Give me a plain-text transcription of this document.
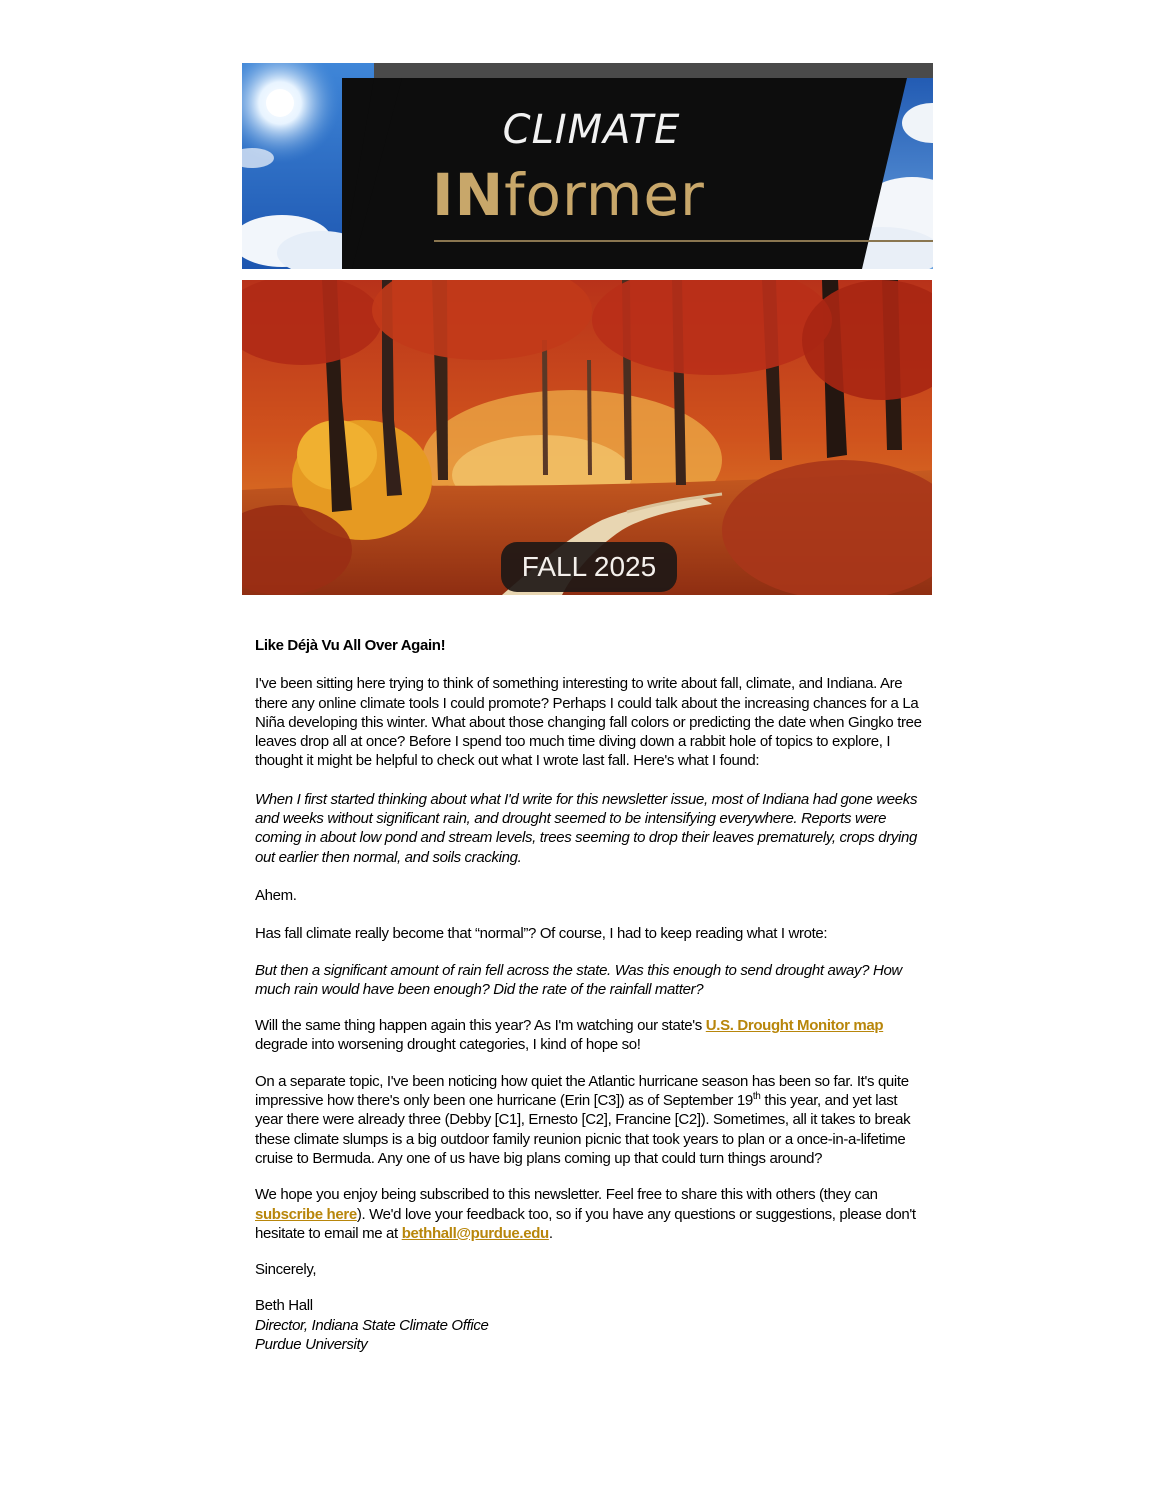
CLIMATE
INformer
FALL 2025

Like Déjà Vu All Over Again!

I've been sitting here trying to think of something interesting to write about fall, climate, and Indiana. Are there any online climate tools I could promote? Perhaps I could talk about the increasing chances for a La Niña developing this winter. What about those changing fall colors or predicting the date when Gingko tree leaves drop all at once? Before I spend too much time diving down a rabbit hole of topics to explore, I thought it might be helpful to check out what I wrote last fall. Here's what I found:

When I first started thinking about what I'd write for this newsletter issue, most of Indiana had gone weeks and weeks without significant rain, and drought seemed to be intensifying everywhere. Reports were coming in about low pond and stream levels, trees seeming to drop their leaves prematurely, crops drying out earlier then normal, and soils cracking.

Ahem.

Has fall climate really become that “normal”? Of course, I had to keep reading what I wrote:

But then a significant amount of rain fell across the state. Was this enough to send drought away? How much rain would have been enough? Did the rate of the rainfall matter?

Will the same thing happen again this year? As I'm watching our state's U.S. Drought Monitor map degrade into worsening drought categories, I kind of hope so!

On a separate topic, I've been noticing how quiet the Atlantic hurricane season has been so far. It's quite impressive how there's only been one hurricane (Erin [C3]) as of September 19th this year, and yet last year there were already three (Debby [C1], Ernesto [C2], Francine [C2]). Sometimes, all it takes to break these climate slumps is a big outdoor family reunion picnic that took years to plan or a once-in-a-lifetime cruise to Bermuda. Any one of us have big plans coming up that could turn things around?

We hope you enjoy being subscribed to this newsletter. Feel free to share this with others (they can subscribe here). We'd love your feedback too, so if you have any questions or suggestions, please don't hesitate to email me at bethhall@purdue.edu.

Sincerely,

Beth Hall

Director, Indiana State Climate Office

Purdue University
